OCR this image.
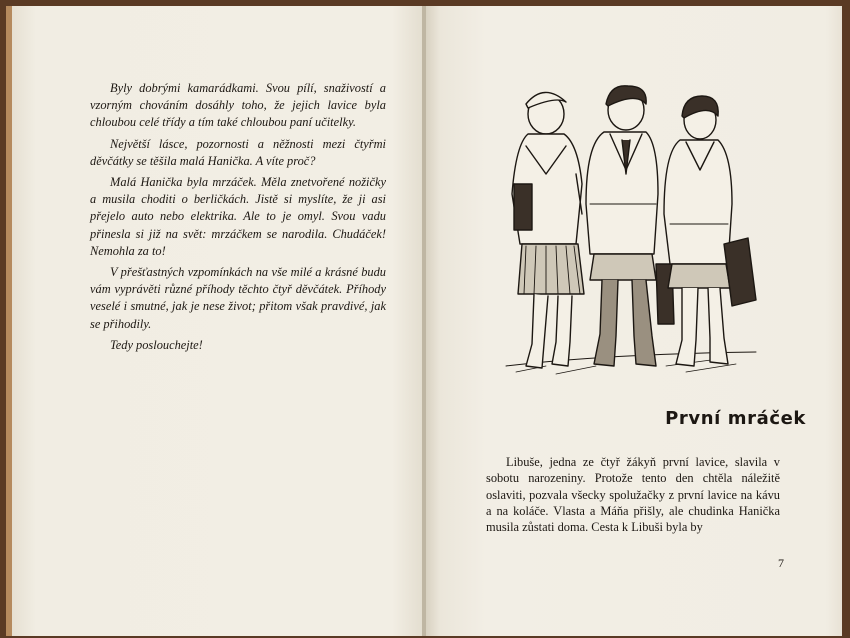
Byly dobrými kamarádkami. Svou pílí, snaživostí a vzorným chováním dosáhly toho, že jejich lavice byla chloubou celé třídy a tím také chloubou paní učitelky.

Největší lásce, pozornosti a něžnosti mezi čtyřmi děvčátky se těšila malá Hanička. A víte proč?

Malá Hanička byla mrzáček. Měla znetvořené nožičky a musila choditi o berličkách. Jistě si myslíte, že ji asi přejelo auto nebo elektrika. Ale to je omyl. Svou vadu přinesla si již na svět: mrzáčkem se narodila. Chudáček! Nemohla za to!

V přešťastných vzpomínkách na vše milé a krásné budu vám vyprávěti různé příhody těchto čtyř děvčátek. Příhody veselé i smutné, jak je nese život; přitom však pravdivé, jak se přihodily.

Tedy poslouchejte!

První mráček

Libuše, jedna ze čtyř žákyň první lavice, slavila v sobotu narozeniny. Protože tento den chtěla náležitě oslaviti, pozvala všecky spolužačky z první lavice na kávu a na koláče. Vlasta a Máňa přišly, ale chudinka Hanička musila zůstati doma. Cesta k Libuši byla by

7
